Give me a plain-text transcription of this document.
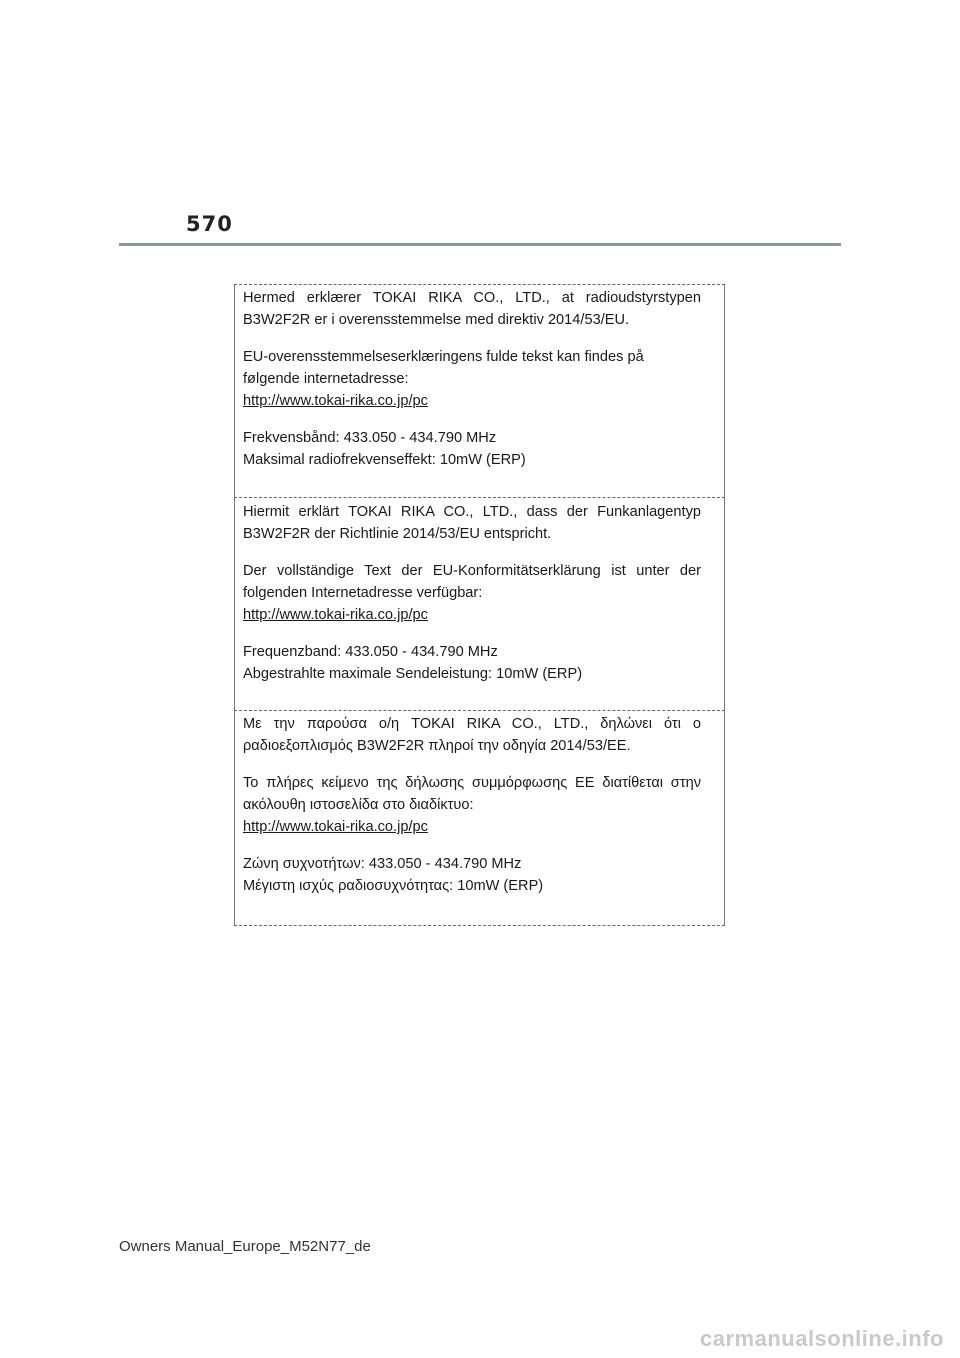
570

Hermed erklærer TOKAI RIKA CO., LTD., at radioudstyrstypen

B3W2F2R er i overensstemmelse med direktiv 2014/53/EU.

EU-overensstemmelseserklæringens fulde tekst kan findes på

følgende internetadresse:

http://www.tokai-rika.co.jp/pc

Frekvensbånd: 433.050 - 434.790 MHz

Maksimal radiofrekvenseffekt: 10mW (ERP)

Hiermit erklärt TOKAI RIKA CO., LTD., dass der Funkanlagentyp

B3W2F2R der Richtlinie 2014/53/EU entspricht.

Der vollständige Text der EU-Konformitätserklärung ist unter der

folgenden Internetadresse verfügbar:

http://www.tokai-rika.co.jp/pc

Frequenzband: 433.050 - 434.790 MHz

Abgestrahlte maximale Sendeleistung: 10mW (ERP)

Με την παρούσα ο/η TOKAI RIKA CO., LTD., δηλώνει ότι ο

ραδιοεξοπλισμός B3W2F2R πληροί την οδηγία 2014/53/ΕΕ.

Το πλήρες κείμενο της δήλωσης συμμόρφωσης ΕΕ διατίθεται στην

ακόλουθη ιστοσελίδα στο διαδίκτυο:

http://www.tokai-rika.co.jp/pc

Ζώνη συχνοτήτων: 433.050 - 434.790 MHz

Μέγιστη ισχύς ραδιοσυχνότητας: 10mW (ERP)

Owners Manual_Europe_M52N77_de
carmanualsonline.info
